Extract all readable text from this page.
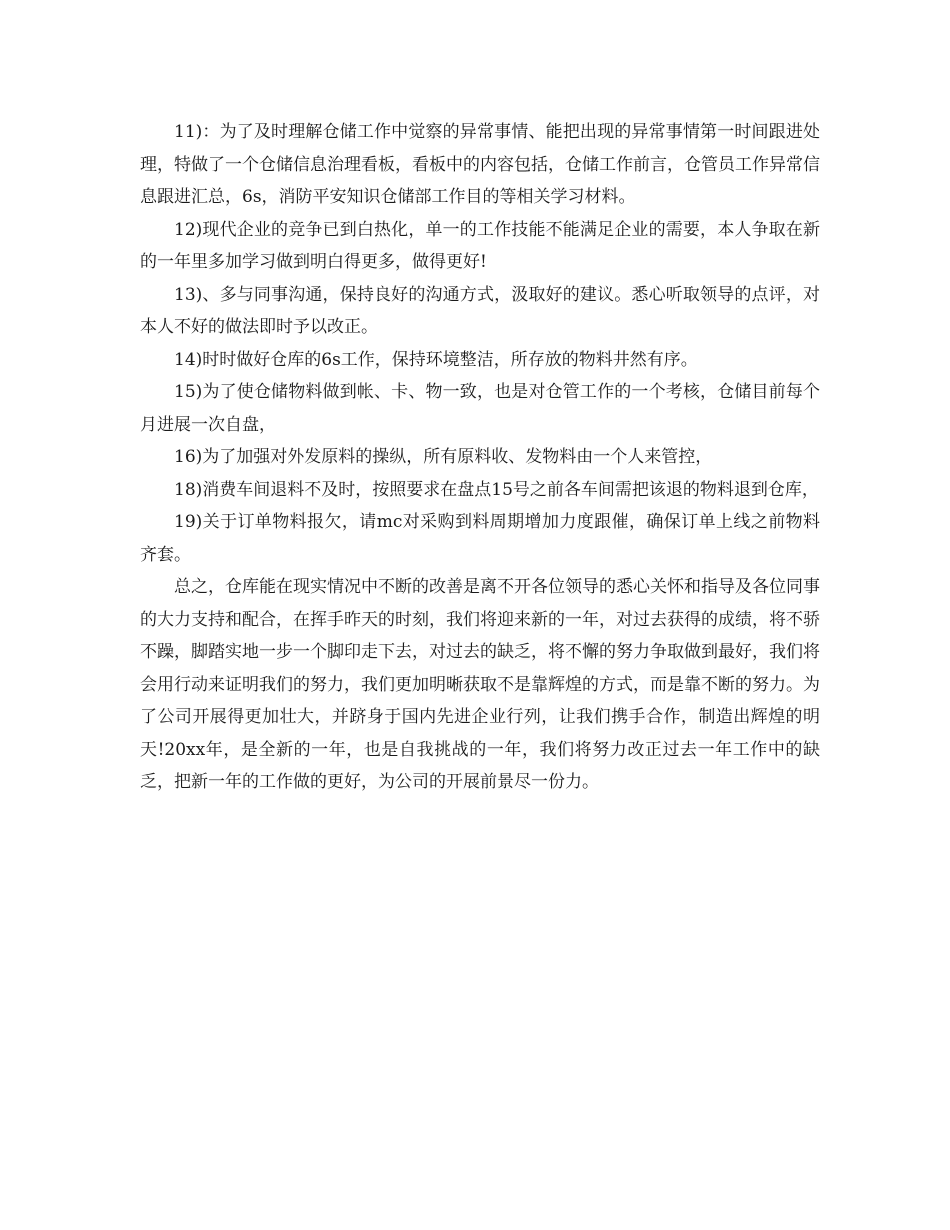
11)：为了及时理解仓储工作中觉察的异常事情、能把出现的异常事情第一时间跟进处理，特做了一个仓储信息治理看板，看板中的内容包括，仓储工作前言，仓管员工作异常信息跟进汇总，6s，消防平安知识仓储部工作目的等相关学习材料。

12)现代企业的竞争已到白热化，单一的工作技能不能满足企业的需要，本人争取在新的一年里多加学习做到明白得更多，做得更好!

13)、多与同事沟通，保持良好的沟通方式，汲取好的建议。悉心听取领导的点评，对本人不好的做法即时予以改正。

14)时时做好仓库的6s工作，保持环境整洁，所存放的物料井然有序。

15)为了使仓储物料做到帐、卡、物一致，也是对仓管工作的一个考核，仓储目前每个月进展一次自盘，

16)为了加强对外发原料的操纵，所有原料收、发物料由一个人来管控，

18)消费车间退料不及时，按照要求在盘点15号之前各车间需把该退的物料退到仓库，

19)关于订单物料报欠，请mc对采购到料周期增加力度跟催，确保订单上线之前物料齐套。

总之，仓库能在现实情况中不断的改善是离不开各位领导的悉心关怀和指导及各位同事的大力支持和配合，在挥手昨天的时刻，我们将迎来新的一年，对过去获得的成绩，将不骄不躁，脚踏实地一步一个脚印走下去，对过去的缺乏，将不懈的努力争取做到最好，我们将会用行动来证明我们的努力，我们更加明晰获取不是靠辉煌的方式，而是靠不断的努力。为了公司开展得更加壮大，并跻身于国内先进企业行列，让我们携手合作，制造出辉煌的明天!20xx年，是全新的一年，也是自我挑战的一年，我们将努力改正过去一年工作中的缺乏，把新一年的工作做的更好，为公司的开展前景尽一份力。
